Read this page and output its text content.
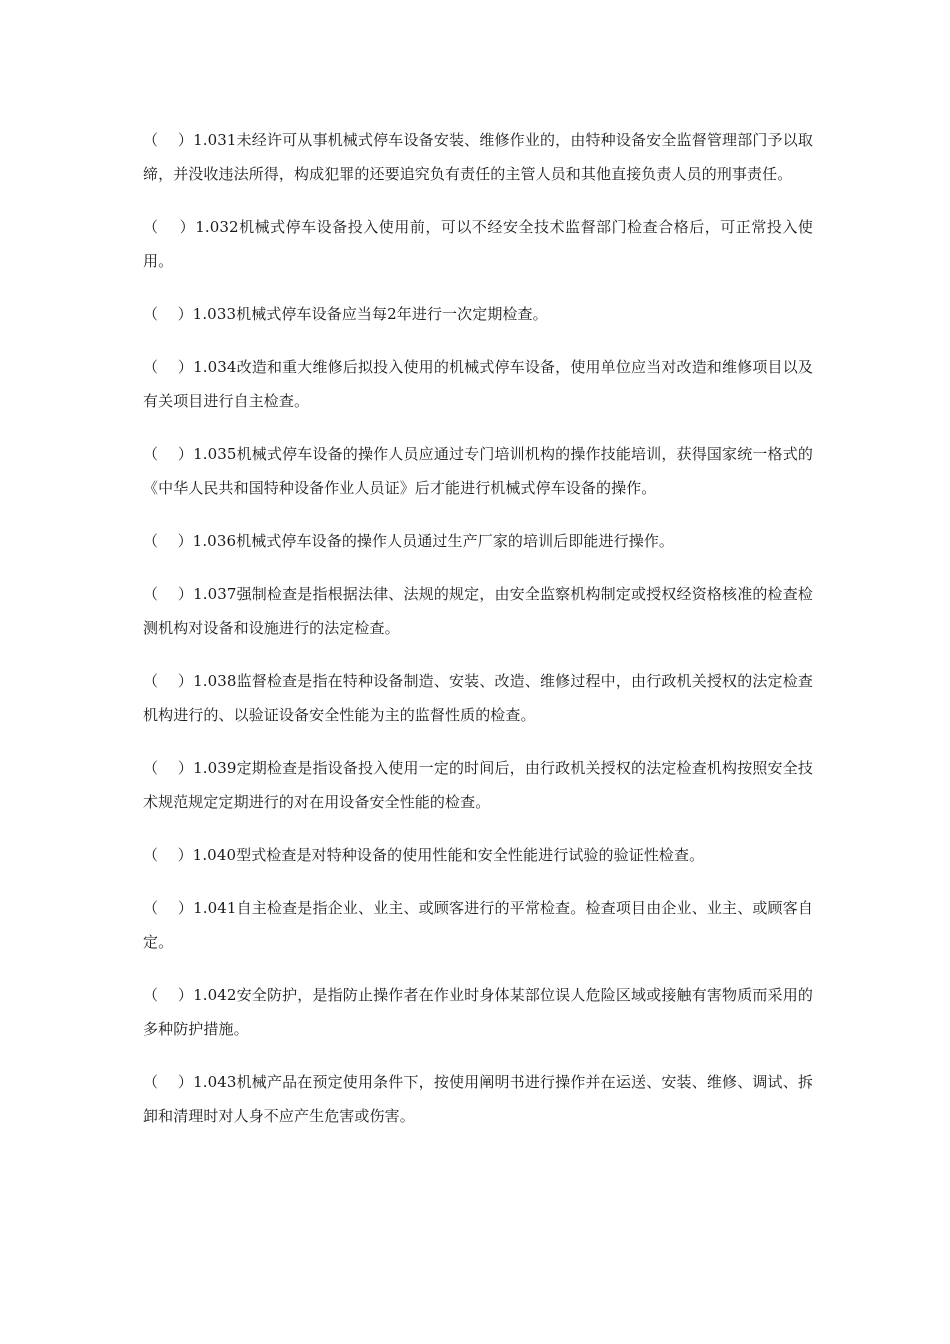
（    ）1.031未经许可从事机械式停车设备安装、维修作业的，由特种设备安全监督管理部门予以取缔，并没收违法所得，构成犯罪的还要追究负有责任的主管人员和其他直接负责人员的刑事责任。

（    ）1.032机械式停车设备投入使用前，可以不经安全技术监督部门检查合格后，可正常投入使用。

（    ）1.033机械式停车设备应当每2年进行一次定期检查。

（    ）1.034改造和重大维修后拟投入使用的机械式停车设备，使用单位应当对改造和维修项目以及有关项目进行自主检查。

（    ）1.035机械式停车设备的操作人员应通过专门培训机构的操作技能培训，获得国家统一格式的《中华人民共和国特种设备作业人员证》后才能进行机械式停车设备的操作。

（    ）1.036机械式停车设备的操作人员通过生产厂家的培训后即能进行操作。

（    ）1.037强制检查是指根据法律、法规的规定，由安全监察机构制定或授权经资格核准的检查检测机构对设备和设施进行的法定检查。

（    ）1.038监督检查是指在特种设备制造、安装、改造、维修过程中，由行政机关授权的法定检查机构进行的、以验证设备安全性能为主的监督性质的检查。

（    ）1.039定期检查是指设备投入使用一定的时间后，由行政机关授权的法定检查机构按照安全技术规范规定定期进行的对在用设备安全性能的检查。

（    ）1.040型式检查是对特种设备的使用性能和安全性能进行试验的验证性检查。

（    ）1.041自主检查是指企业、业主、或顾客进行的平常检查。检查项目由企业、业主、或顾客自定。

（    ）1.042安全防护，是指防止操作者在作业时身体某部位误人危险区域或接触有害物质而采用的多种防护措施。

（    ）1.043机械产品在预定使用条件下，按使用阐明书进行操作并在运送、安装、维修、调试、拆卸和清理时对人身不应产生危害或伤害。
